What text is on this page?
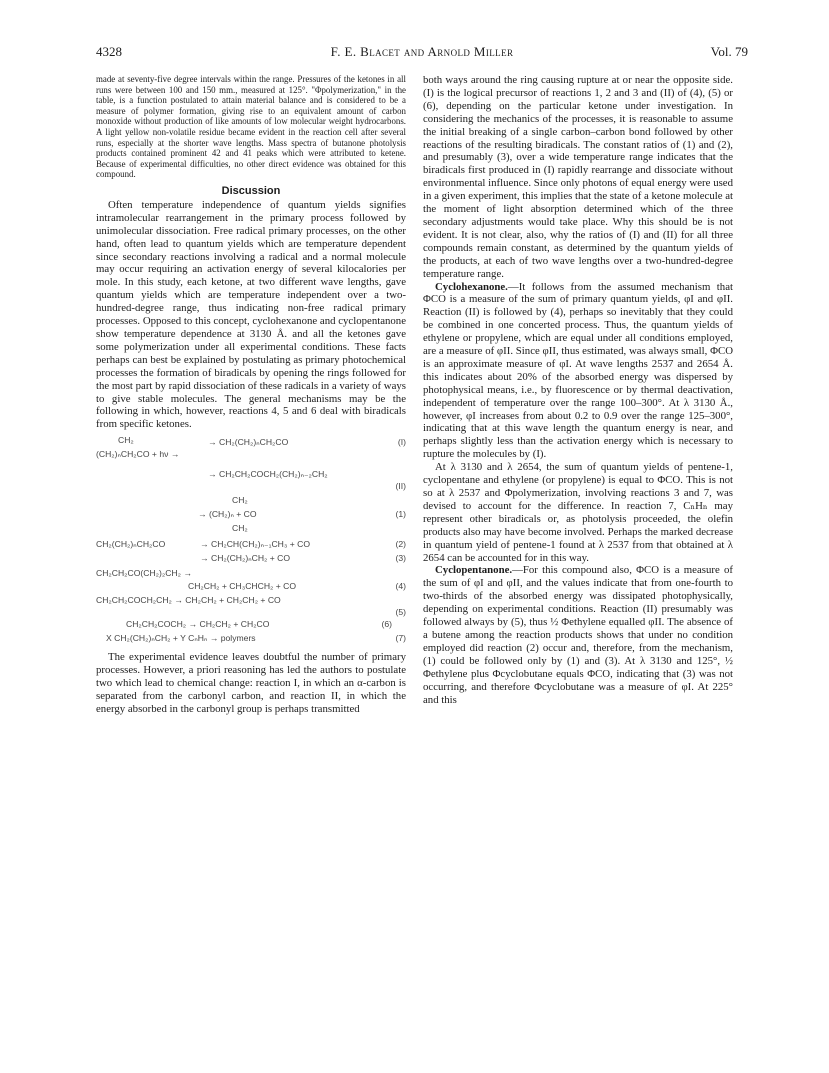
4328	F. E. Blacet and Arnold Miller	Vol. 79

made at seventy-five degree intervals within the range. Pressures of the ketones in all runs were between 100 and 150 mm., measured at 125°. "Φpolymerization," in the table, is a function postulated to attain material balance and is considered to be a measure of polymer formation, giving rise to an equivalent amount of carbon monoxide without production of like amounts of low molecular weight hydrocarbons. A light yellow non-volatile residue became evident in the reaction cell after several runs, especially at the shorter wave lengths. Mass spectra of butanone photolysis products contained prominent 42 and 41 peaks which were attributed to ketene. Because of experimental difficulties, no other direct evidence was obtained for this compound.

Discussion

Often temperature independence of quantum yields signifies intramolecular rearrangement in the primary process followed by unimolecular dissociation. Free radical primary processes, on the other hand, often lead to quantum yields which are temperature dependent since secondary reactions involving a radical and a normal molecule may occur requiring an activation energy of several kilocalories per mole. In this study, each ketone, at two different wave lengths, gave quantum yields which are temperature independent over a two-hundred-degree range, thus indicating non-free radical primary processes. Opposed to this concept, cyclohexanone and cyclopentanone show temperature dependence at 3130 Å. and all the ketones gave some polymerization under all experimental conditions. These facts perhaps can best be explained by postulating as primary photochemical processes the formation of biradicals by opening the rings followed for the most part by rapid dissociation of these radicals in a variety of ways to give stable molecules. The general mechanisms may be the following in which, however, reactions 4, 5 and 6 deal with biradicals from specific ketones.

CH₂
(CH₂)ₙCH₂CO + hν →
→ CH₂(CH₂)ₙCH₂CO	(I)
→ CH₂CH₂COCH₂(CH₂)ₙ₋₂CH₂
(II)
CH₂
→ (CH₂)ₙ + CO
CH₂
(1)
CH₂(CH₂)ₙCH₂CO	→ CH₂CH(CH₂)ₙ₋₁CH₃ + CO	(2)
→ CH₂(CH₂)ₙCH₂ + CO	(3)
CH₂CH₂CO(CH₂)₂CH₂ →
CH₂CH₂ + CH₃CHCH₂ + CO	(4)
CH₂CH₂COCH₂CH₂ → CH₂CH₂ + CH₂CH₂ + CO
(5)
CH₂CH₂COCH₂ → CH₂CH₂ + CH₂CO	(6)
X CH₂(CH₂)ₙCH₂ + Y CₙHₙ → polymers	(7)

The experimental evidence leaves doubtful the number of primary processes. However, a priori reasoning has led the authors to postulate two which lead to chemical change: reaction I, in which an α-carbon is separated from the carbonyl carbon, and reaction II, in which the energy absorbed in the carbonyl group is perhaps transmitted

both ways around the ring causing rupture at or near the opposite side. (I) is the logical precursor of reactions 1, 2 and 3 and (II) of (4), (5) or (6), depending on the particular ketone under investigation. In considering the mechanics of the processes, it is reasonable to assume the initial breaking of a single carbon–carbon bond followed by other reactions of the resulting biradicals. The constant ratios of (1) and (2), and presumably (3), over a wide temperature range indicates that the biradicals first produced in (I) rapidly rearrange and dissociate without environmental influence. Since only photons of equal energy were used in a given experiment, this implies that the state of a ketone molecule at the moment of light absorption determined which of the three secondary adjustments would take place. Why this should be is not evident. It is not clear, also, why the ratios of (I) and (II) for all three compounds remain constant, as determined by the quantum yields of the products, at each of two wave lengths over a two-hundred-degree temperature range.

Cyclohexanone.—It follows from the assumed mechanism that ΦCO is a measure of the sum of primary quantum yields, φI and φII. Reaction (II) is followed by (4), perhaps so inevitably that they could be combined in one concerted process. Thus, the quantum yields of ethylene or propylene, which are equal under all conditions employed, are a measure of φII. Since φII, thus estimated, was always small, ΦCO is an approximate measure of φI. At wave lengths 2537 and 2654 Å. this indicates about 20% of the absorbed energy was dispersed by photophysical means, i.e., by fluorescence or by thermal deactivation, independent of temperature over the range 100–300°. At λ 3130 Å., however, φI increases from about 0.2 to 0.9 over the range 125–300°, indicating that at this wave length the quantum energy is near, and perhaps slightly less than the activation energy which is necessary to rupture the molecules by (I).

At λ 3130 and λ 2654, the sum of quantum yields of pentene-1, cyclopentane and ethylene (or propylene) is equal to ΦCO. This is not so at λ 2537 and Φpolymerization, involving reactions 3 and 7, was devised to account for the difference. In reaction 7, CₙHₙ may represent other biradicals or, as photolysis proceeded, the olefin products also may have become involved. Perhaps the marked decrease in quantum yield of pentene-1 found at λ 2537 from that obtained at λ 2654 can be accounted for in this way.

Cyclopentanone.—For this compound also, ΦCO is a measure of the sum of φI and φII, and the values indicate that from one-fourth to two-thirds of the absorbed energy was dissipated photophysically, depending on experimental conditions. Reaction (II) presumably was followed always by (5), thus ½ Φethylene equalled φII. The absence of a butene among the reaction products shows that under no condition employed did reaction (2) occur and, therefore, from the mechanism, (1) could be followed only by (1) and (3). At λ 3130 and 125°, ½ Φethylene plus Φcyclobutane equals ΦCO, indicating that (3) was not occurring, and therefore Φcyclobutane was a measure of φI. At 225° and this
